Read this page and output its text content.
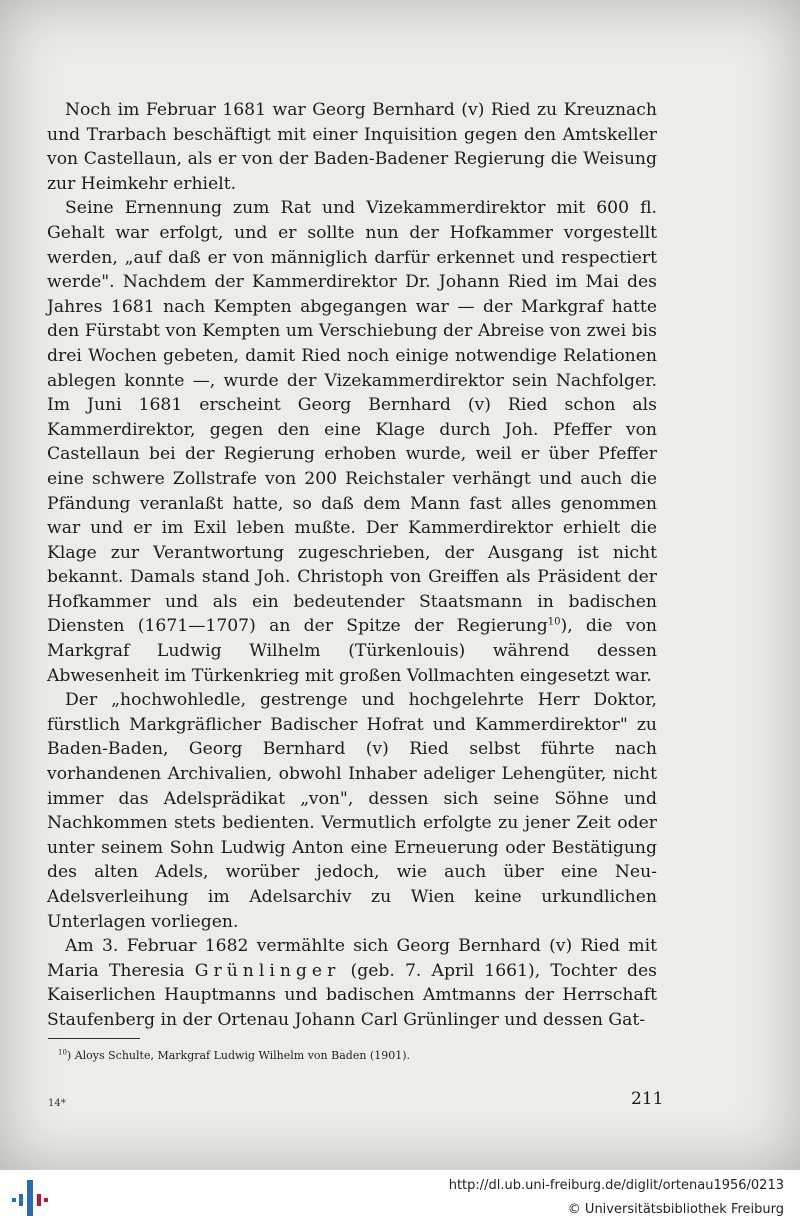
Noch im Februar 1681 war Georg Bernhard (v) Ried zu Kreuznach und Trarbach beschäftigt mit einer Inquisition gegen den Amtskeller von Castellaun, als er von der Baden-Badener Regierung die Weisung zur Heimkehr erhielt.

Seine Ernennung zum Rat und Vizekammerdirektor mit 600 fl. Gehalt war erfolgt, und er sollte nun der Hofkammer vorgestellt werden, „auf daß er von männiglich darfür erkennet und respectiert werde". Nachdem der Kammerdirektor Dr. Johann Ried im Mai des Jahres 1681 nach Kempten abgegangen war — der Markgraf hatte den Fürstabt von Kempten um Verschiebung der Abreise von zwei bis drei Wochen gebeten, damit Ried noch einige notwendige Relationen ablegen konnte —, wurde der Vizekammerdirektor sein Nachfolger. Im Juni 1681 erscheint Georg Bernhard (v) Ried schon als Kammerdirektor, gegen den eine Klage durch Joh. Pfeffer von Castellaun bei der Regierung erhoben wurde, weil er über Pfeffer eine schwere Zollstrafe von 200 Reichstaler verhängt und auch die Pfändung veranlaßt hatte, so daß dem Mann fast alles genommen war und er im Exil leben mußte. Der Kammerdirektor erhielt die Klage zur Verantwortung zugeschrieben, der Ausgang ist nicht bekannt. Damals stand Joh. Christoph von Greiffen als Präsident der Hofkammer und als ein bedeutender Staatsmann in badischen Diensten (1671—1707) an der Spitze der Regierung$^{10}$), die von Markgraf Ludwig Wilhelm (Türkenlouis) während dessen Abwesenheit im Türkenkrieg mit großen Vollmachten eingesetzt war.

Der „hochwohledle, gestrenge und hochgelehrte Herr Doktor, fürstlich Markgräflicher Badischer Hofrat und Kammerdirektor" zu Baden-Baden, Georg Bernhard (v) Ried selbst führte nach vorhandenen Archivalien, obwohl Inhaber adeliger Lehengüter, nicht immer das Adelsprädikat „von", dessen sich seine Söhne und Nachkommen stets bedienten. Vermutlich erfolgte zu jener Zeit oder unter seinem Sohn Ludwig Anton eine Erneuerung oder Bestätigung des alten Adels, worüber jedoch, wie auch über eine Neu-Adelsverleihung im Adelsarchiv zu Wien keine urkundlichen Unterlagen vorliegen.

Am 3. Februar 1682 vermählte sich Georg Bernhard (v) Ried mit Maria Theresia Grünlinger (geb. 7. April 1661), Tochter des Kaiserlichen Hauptmanns und badischen Amtmanns der Herrschaft Staufenberg in der Ortenau Johann Carl Grünlinger und dessen Gat-

$^{10}$) Aloys Schulte, Markgraf Ludwig Wilhelm von Baden (1901).
14*	211
http://dl.ub.uni-freiburg.de/diglit/ortenau1956/0213
© Universitätsbibliothek Freiburg
